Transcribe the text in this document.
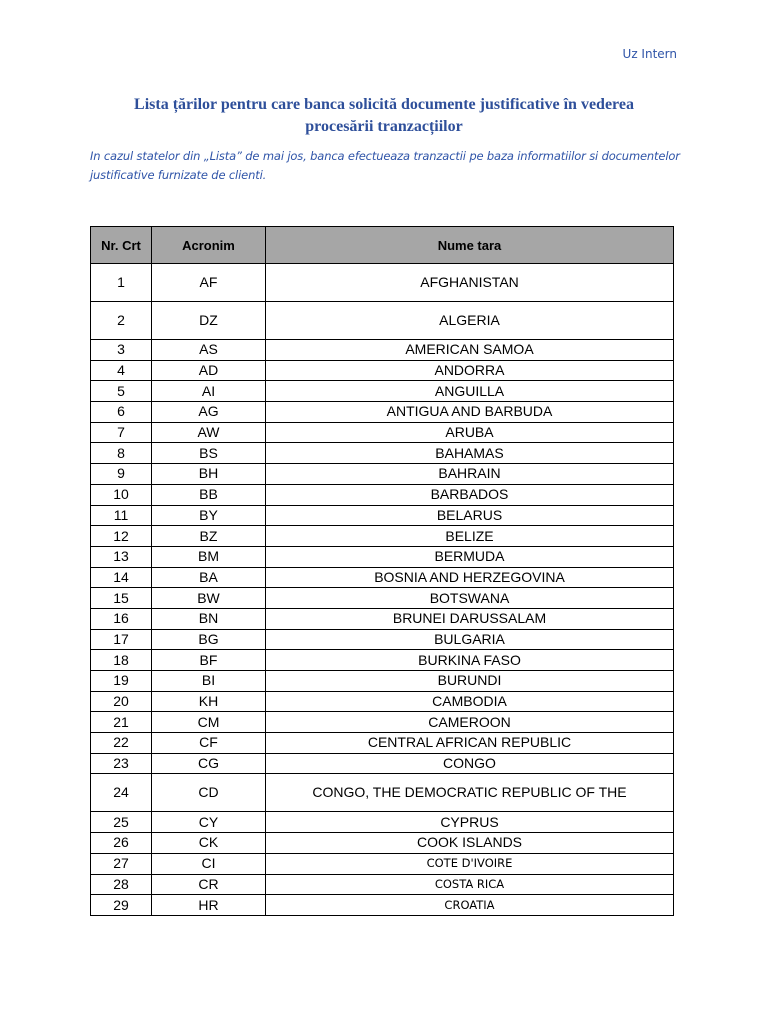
Uz Intern
Lista țărilor pentru care banca solicită documente justificative în vederea
procesării tranzacțiilor
In cazul statelor din „Lista” de mai jos, banca efectueaza tranzactii pe baza informatiilor si documentelor justificative furnizate de clienti.
Nr. Crt	Acronim	Nume tara
1	AF	AFGHANISTAN
2	DZ	ALGERIA
3	AS	AMERICAN SAMOA
4	AD	ANDORRA
5	AI	ANGUILLA
6	AG	ANTIGUA AND BARBUDA
7	AW	ARUBA
8	BS	BAHAMAS
9	BH	BAHRAIN
10	BB	BARBADOS
11	BY	BELARUS
12	BZ	BELIZE
13	BM	BERMUDA
14	BA	BOSNIA AND HERZEGOVINA
15	BW	BOTSWANA
16	BN	BRUNEI DARUSSALAM
17	BG	BULGARIA
18	BF	BURKINA FASO
19	BI	BURUNDI
20	KH	CAMBODIA
21	CM	CAMEROON
22	CF	CENTRAL AFRICAN REPUBLIC
23	CG	CONGO
24	CD	CONGO, THE DEMOCRATIC REPUBLIC OF THE
25	CY	CYPRUS
26	CK	COOK ISLANDS
27	CI	COTE D'IVOIRE
28	CR	COSTA RICA
29	HR	CROATIA
